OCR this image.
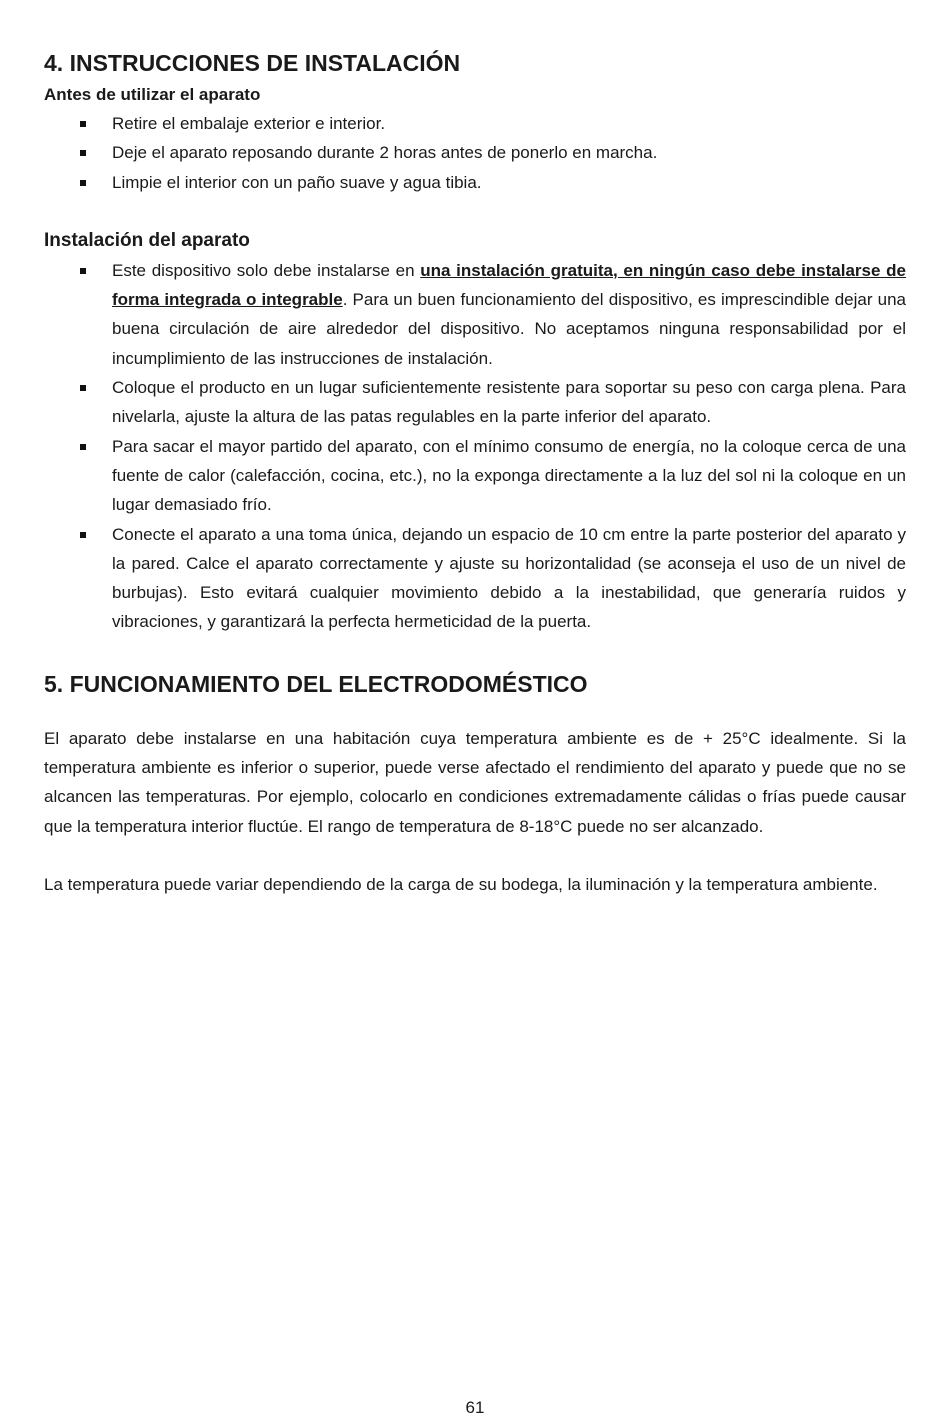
4. INSTRUCCIONES DE INSTALACIÓN
Antes de utilizar el aparato
Retire el embalaje exterior e interior.
Deje el aparato reposando durante 2 horas antes de ponerlo en marcha.
Limpie el interior con un paño suave y agua tibia.
Instalación del aparato
Este dispositivo solo debe instalarse en una instalación gratuita, en ningún caso debe instalarse de forma integrada o integrable. Para un buen funcionamiento del dispositivo, es imprescindible dejar una buena circulación de aire alrededor del dispositivo. No aceptamos ninguna responsabilidad por el incumplimiento de las instrucciones de instalación.
Coloque el producto en un lugar suficientemente resistente para soportar su peso con carga plena. Para nivelarla, ajuste la altura de las patas regulables en la parte inferior del aparato.
Para sacar el mayor partido del aparato, con el mínimo consumo de energía, no la coloque cerca de una fuente de calor (calefacción, cocina, etc.), no la exponga directamente a la luz del sol ni la coloque en un lugar demasiado frío.
Conecte el aparato a una toma única, dejando un espacio de 10 cm entre la parte posterior del aparato y la pared. Calce el aparato correctamente y ajuste su horizontalidad (se aconseja el uso de un nivel de burbujas). Esto evitará cualquier movimiento debido a la inestabilidad, que generaría ruidos y vibraciones, y garantizará la perfecta hermeticidad de la puerta.
5. FUNCIONAMIENTO DEL ELECTRODOMÉSTICO

El aparato debe instalarse en una habitación cuya temperatura ambiente es de + 25°C idealmente. Si la temperatura ambiente es inferior o superior, puede verse afectado el rendimiento del aparato y puede que no se alcancen las temperaturas. Por ejemplo, colocarlo en condiciones extremadamente cálidas o frías puede causar que la temperatura interior fluctúe. El rango de temperatura de 8-18°C puede no ser alcanzado.

La temperatura puede variar dependiendo de la carga de su bodega, la iluminación y la temperatura ambiente.

61
